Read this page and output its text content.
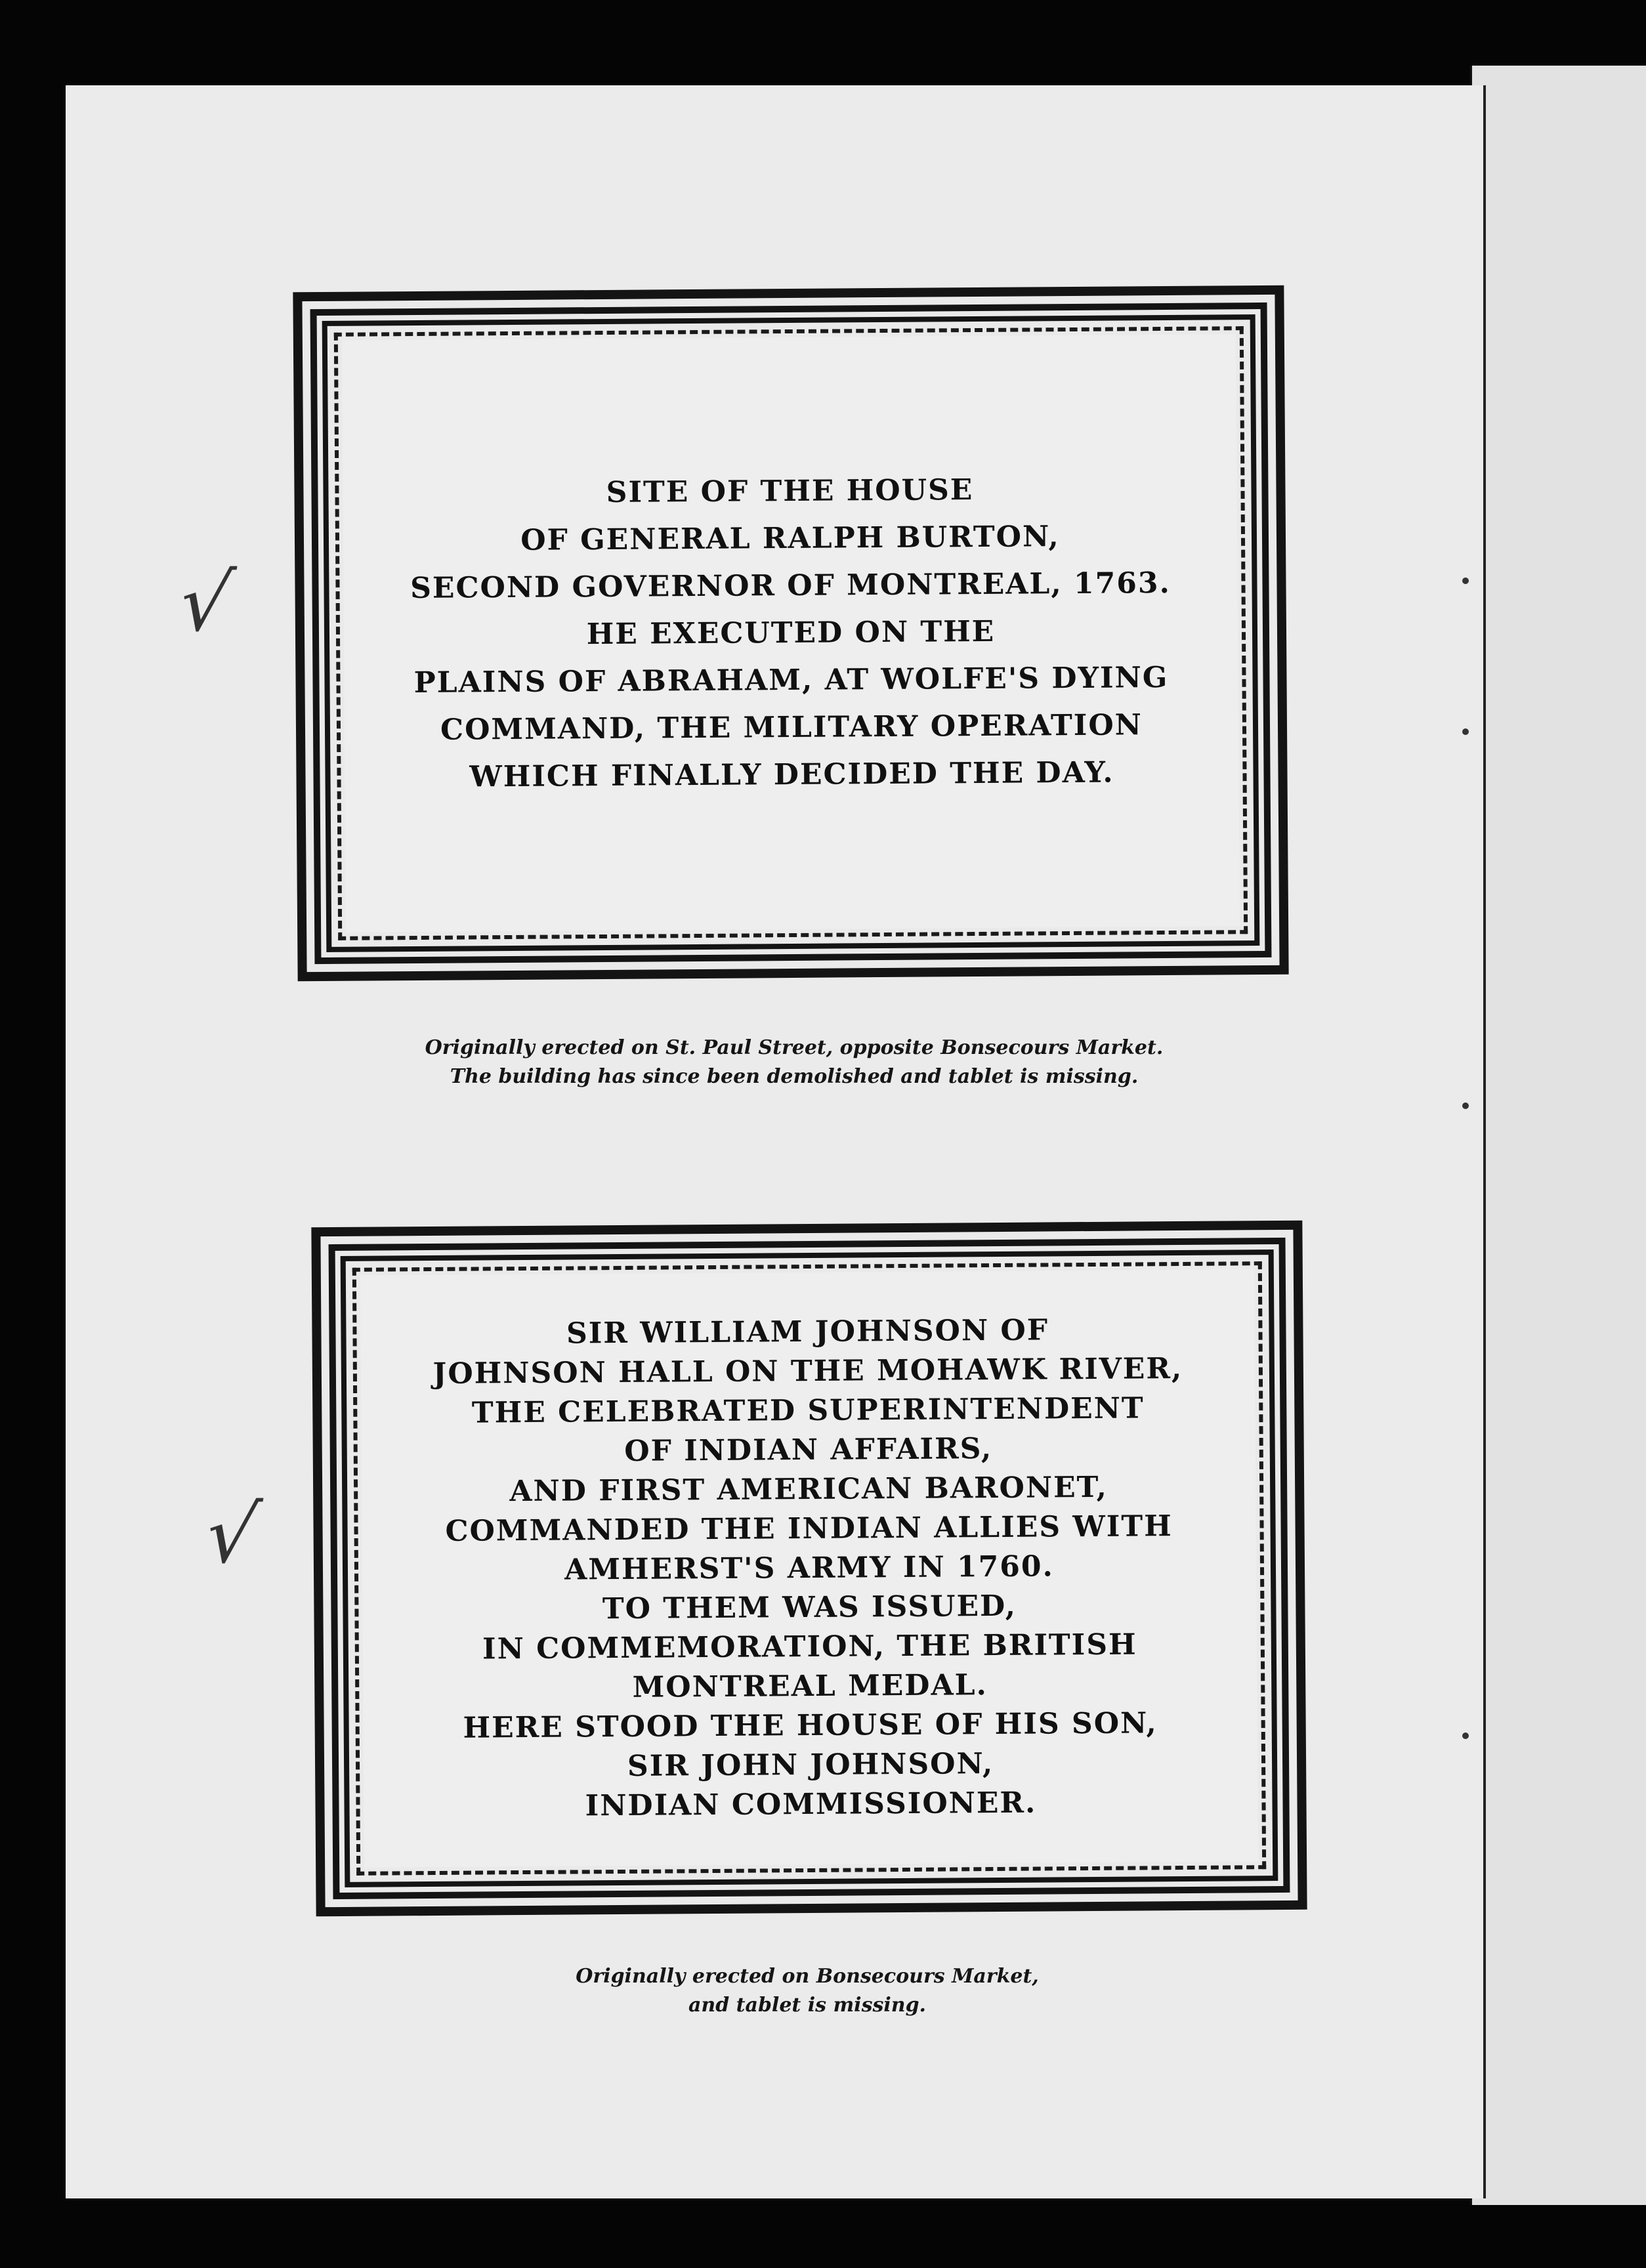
SITE OF THE HOUSE
OF GENERAL RALPH BURTON,
SECOND GOVERNOR OF MONTREAL, 1763.
HE EXECUTED ON THE
PLAINS OF ABRAHAM, AT WOLFE'S DYING
COMMAND, THE MILITARY OPERATION
WHICH FINALLY DECIDED THE DAY.
Originally erected on St. Paul Street, opposite Bonsecours Market.
The building has since been demolished and tablet is missing.
SIR WILLIAM JOHNSON OF
JOHNSON HALL ON THE MOHAWK RIVER,
THE CELEBRATED SUPERINTENDENT
OF INDIAN AFFAIRS,
AND FIRST AMERICAN BARONET,
COMMANDED THE INDIAN ALLIES WITH
AMHERST'S ARMY IN 1760.
TO THEM WAS ISSUED,
IN COMMEMORATION, THE BRITISH
MONTREAL MEDAL.
HERE STOOD THE HOUSE OF HIS SON,
SIR JOHN JOHNSON,
INDIAN COMMISSIONER.
Originally erected on Bonsecours Market,
and tablet is missing.
√
√
